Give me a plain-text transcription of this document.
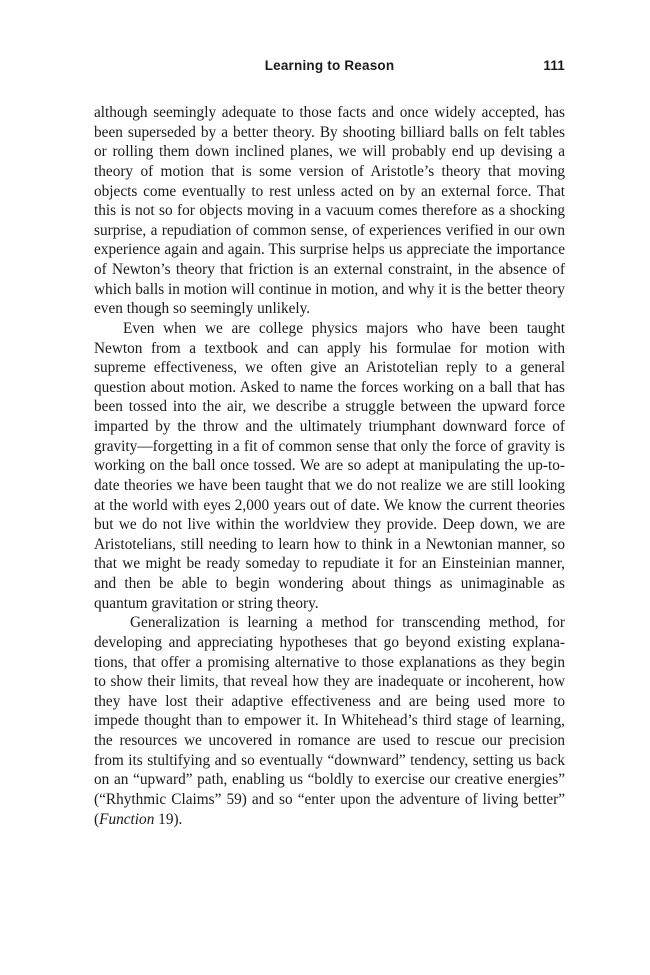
Learning to Reason	111

although seemingly adequate to those facts and once widely accepted, has been superseded by a better theory. By shooting billiard balls on felt tables or rolling them down inclined planes, we will probably end up devising a theory of motion that is some version of Aristotle’s theory that moving objects come eventually to rest unless acted on by an external force. That this is not so for objects moving in a vacuum comes therefore as a shocking surprise, a repudiation of common sense, of experiences verified in our own experience again and again. This surprise helps us appreciate the importance of Newton’s theory that friction is an external constraint, in the absence of which balls in motion will continue in motion, and why it is the better theory even though so seemingly unlikely.

Even when we are college physics majors who have been taught Newton from a textbook and can apply his formulae for motion with supreme effectiveness, we often give an Aristotelian reply to a general question about motion. Asked to name the forces working on a ball that has been tossed into the air, we describe a struggle between the upward force imparted by the throw and the ultimately triumphant downward force of gravity—forgetting in a fit of common sense that only the force of gravity is working on the ball once tossed. We are so adept at manipulating the up-to-date theories we have been taught that we do not realize we are still looking at the world with eyes 2,000 years out of date. We know the current theories but we do not live within the worldview they provide. Deep down, we are Aristotelians, still needing to learn how to think in a Newtonian manner, so that we might be ready someday to repudiate it for an Einsteinian manner, and then be able to begin wondering about things as unimaginable as quantum gravitation or string theory.

Generalization is learning a method for transcending method, for developing and appreciating hypotheses that go beyond existing explanations, that offer a promising alternative to those explanations as they begin to show their limits, that reveal how they are inadequate or incoherent, how they have lost their adaptive effectiveness and are being used more to impede thought than to empower it. In Whitehead’s third stage of learning, the resources we uncovered in romance are used to rescue our precision from its stultifying and so eventually “downward” tendency, setting us back on an “upward” path, enabling us “boldly to exercise our creative energies” (“Rhythmic Claims” 59) and so “enter upon the adventure of living better” (Function 19).
